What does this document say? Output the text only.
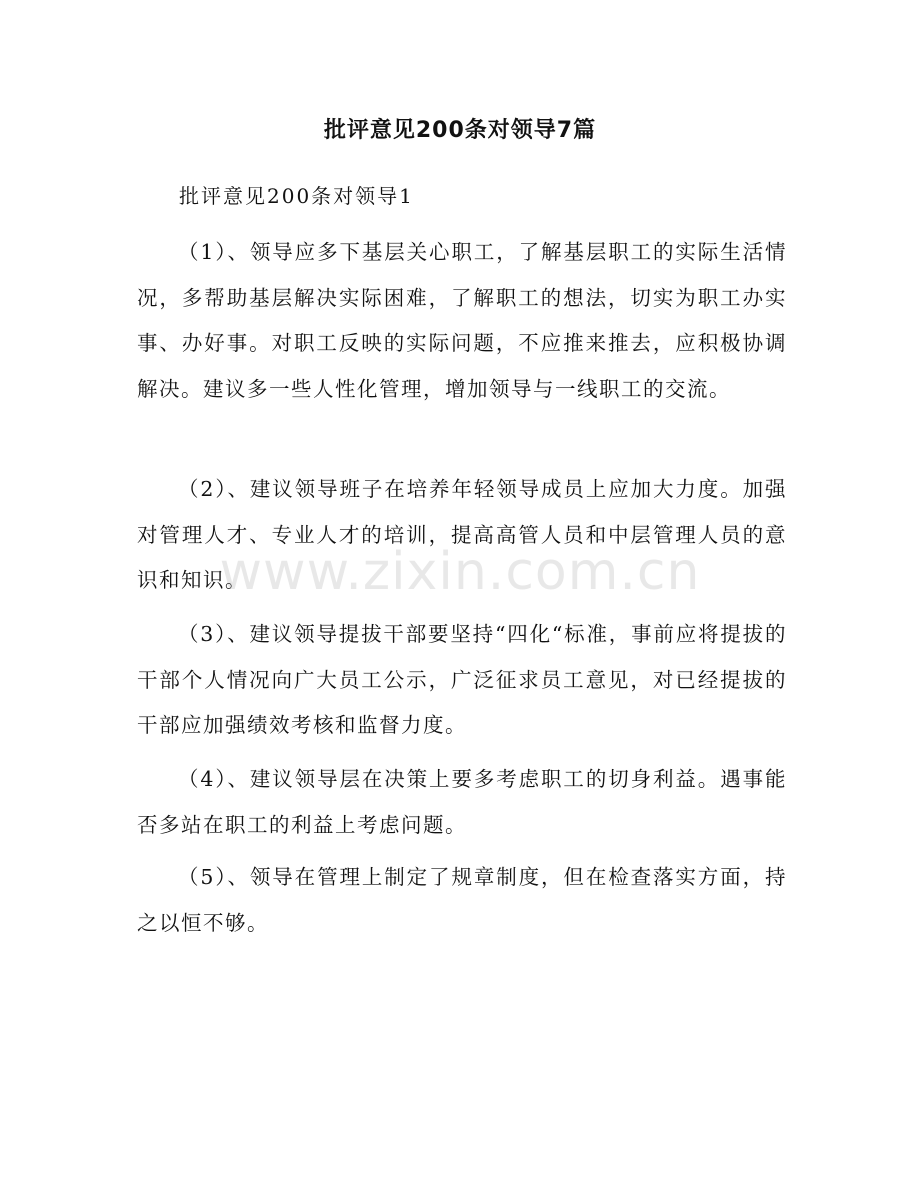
批评意见200条对领导7篇
批评意见200条对领导1

（1）、领导应多下基层关心职工，了解基层职工的实际生活情况，多帮助基层解决实际困难，了解职工的想法，切实为职工办实事、办好事。对职工反映的实际问题，不应推来推去，应积极协调解决。建议多一些人性化管理，增加领导与一线职工的交流。

（2）、建议领导班子在培养年轻领导成员上应加大力度。加强对管理人才、专业人才的培训，提高高管人员和中层管理人员的意识和知识。

（3）、建议领导提拔干部要坚持“四化“标准，事前应将提拔的干部个人情况向广大员工公示，广泛征求员工意见，对已经提拔的干部应加强绩效考核和监督力度。

（4）、建议领导层在决策上要多考虑职工的切身利益。遇事能否多站在职工的利益上考虑问题。

（5）、领导在管理上制定了规章制度，但在检查落实方面，持之以恒不够。

www.zixin.com.cn
